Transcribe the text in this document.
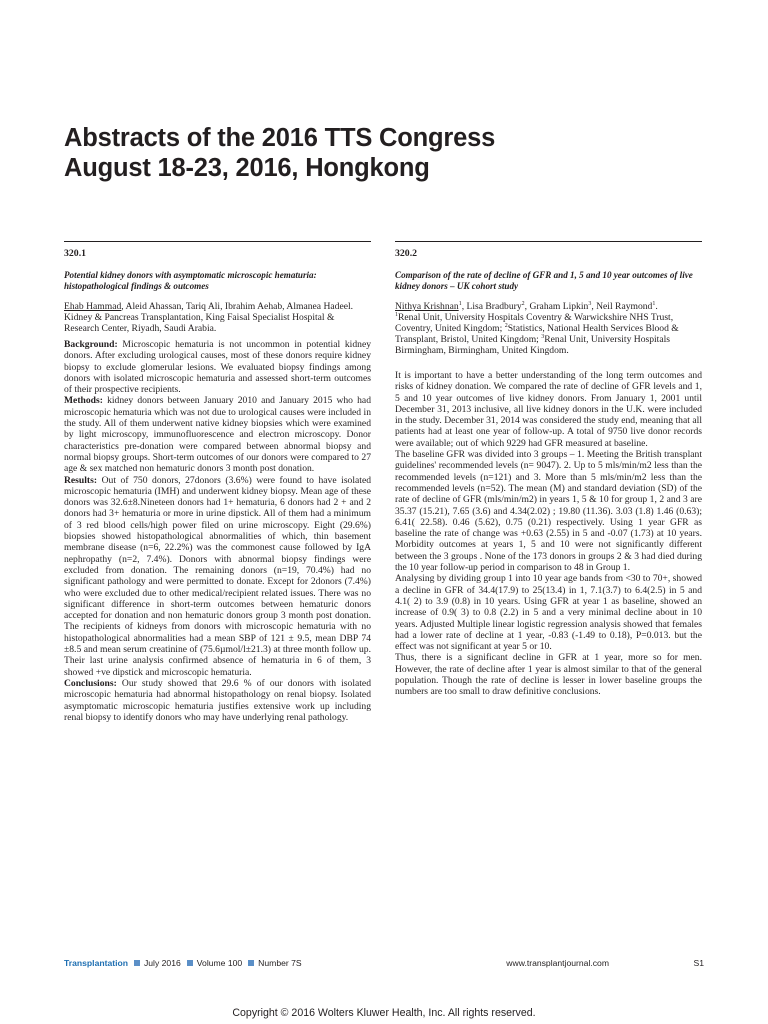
Abstracts of the 2016 TTS Congress
August 18-23, 2016, Hongkong
320.1
Potential kidney donors with asymptomatic microscopic hematuria: histopathological findings & outcomes
Ehab Hammad, Aleid Ahassan, Tariq Ali, Ibrahim Aehab, Almanea Hadeel.
Kidney & Pancreas Transplantation, King Faisal Specialist Hospital & Research Center, Riyadh, Saudi Arabia.

Background: Microscopic hematuria is not uncommon in potential kidney donors. After excluding urological causes, most of these donors require kidney biopsy to exclude glomerular lesions. We evaluated biopsy findings among donors with isolated microscopic hematuria and assessed short-term outcomes of their prospective recipients.

Methods: kidney donors between January 2010 and January 2015 who had microscopic hematuria which was not due to urological causes were included in the study. All of them underwent native kidney biopsies which were examined by light microscopy, immunofluorescence and electron microscopy. Donor characteristics pre-donation were compared between abnormal biopsy and normal biopsy groups. Short-term outcomes of our donors were compared to 27 age & sex matched non hematuric donors 3 month post donation.

Results: Out of 750 donors, 27donors (3.6%) were found to have isolated microscopic hematuria (IMH) and underwent kidney biopsy. Mean age of these donors was 32.6±8.Nineteen donors had 1+ hematuria, 6 donors had 2 + and 2 donors had 3+ hematuria or more in urine dipstick. All of them had a minimum of 3 red blood cells/high power filed on urine microscopy. Eight (29.6%) biopsies showed histopathological abnormalities of which, thin basement membrane disease (n=6, 22.2%) was the commonest cause followed by IgA nephropathy (n=2, 7.4%). Donors with abnormal biopsy findings were excluded from donation. The remaining donors (n=19, 70.4%) had no significant pathology and were permitted to donate. Except for 2donors (7.4%) who were excluded due to other medical/recipient related issues. There was no significant difference in short-term outcomes between hematuric donors accepted for donation and non hematuric donors group 3 month post donation. The recipients of kidneys from donors with microscopic hematuria with no histopathological abnormalities had a mean SBP of 121 ± 9.5, mean DBP 74 ±8.5 and mean serum creatinine of (75.6µmol/l±21.3) at three month follow up. Their last urine analysis confirmed absence of hematuria in 6 of them, 3 showed +ve dipstick and microscopic hematuria.

Conclusions: Our study showed that 29.6 % of our donors with isolated microscopic hematuria had abnormal histopathology on renal biopsy. Isolated asymptomatic microscopic hematuria justifies extensive work up including renal biopsy to identify donors who may have underlying renal pathology.

320.2
Comparison of the rate of decline of GFR and 1, 5 and 10 year outcomes of live kidney donors – UK cohort study
Nithya Krishnan$^1$, Lisa Bradbury$^2$, Graham Lipkin$^3$, Neil Raymond$^1$.
$^1$Renal Unit, University Hospitals Coventry & Warwickshire NHS Trust, Coventry, United Kingdom; $^2$Statistics, National Health Services Blood & Transplant, Bristol, United Kingdom; $^3$Renal Unit, University Hospitals Birmingham, Birmingham, United Kingdom.

It is important to have a better understanding of the long term outcomes and risks of kidney donation. We compared the rate of decline of GFR levels and 1, 5 and 10 year outcomes of live kidney donors. From January 1, 2001 until December 31, 2013 inclusive, all live kidney donors in the U.K. were included in the study. December 31, 2014 was considered the study end, meaning that all patients had at least one year of follow-up. A total of 9750 live donor records were available; out of which 9229 had GFR measured at baseline.

The baseline GFR was divided into 3 groups – 1. Meeting the British transplant guidelines' recommended levels (n= 9047). 2. Up to 5 mls/min/m2 less than the recommended levels (n=121) and 3. More than 5 mls/min/m2 less than the recommended levels (n=52). The mean (M) and standard deviation (SD) of the rate of decline of GFR (mls/min/m2) in years 1, 5 & 10 for group 1, 2 and 3 are 35.37 (15.21), 7.65 (3.6) and 4.34(2.02) ; 19.80 (11.36). 3.03 (1.8) 1.46 (0.63); 6.41( 22.58). 0.46 (5.62), 0.75 (0.21) respectively. Using 1 year GFR as baseline the rate of change was +0.63 (2.55) in 5 and -0.07 (1.73) at 10 years. Morbidity outcomes at years 1, 5 and 10 were not significantly different between the 3 groups . None of the 173 donors in groups 2 & 3 had died during the 10 year follow-up period in comparison to 48 in Group 1.

Analysing by dividing group 1 into 10 year age bands from <30 to 70+, showed a decline in GFR of 34.4(17.9) to 25(13.4) in 1, 7.1(3.7) to 6.4(2.5) in 5 and 4.1( 2) to 3.9 (0.8) in 10 years. Using GFR at year 1 as baseline, showed an increase of 0.9( 3) to 0.8 (2.2) in 5 and a very minimal decline about in 10 years. Adjusted Multiple linear logistic regression analysis showed that females had a lower rate of decline at 1 year, -0.83 (-1.49 to 0.18), P=0.013. but the effect was not significant at year 5 or 10.

Thus, there is a significant decline in GFR at 1 year, more so for men. However, the rate of decline after 1 year is almost similar to that of the general population. Though the rate of decline is lesser in lower baseline groups the numbers are too small to draw definitive conclusions.

Transplantation July 2016 Volume 100 Number 7S	www.transplantjournal.com	S1
Copyright © 2016 Wolters Kluwer Health, Inc. All rights reserved.
